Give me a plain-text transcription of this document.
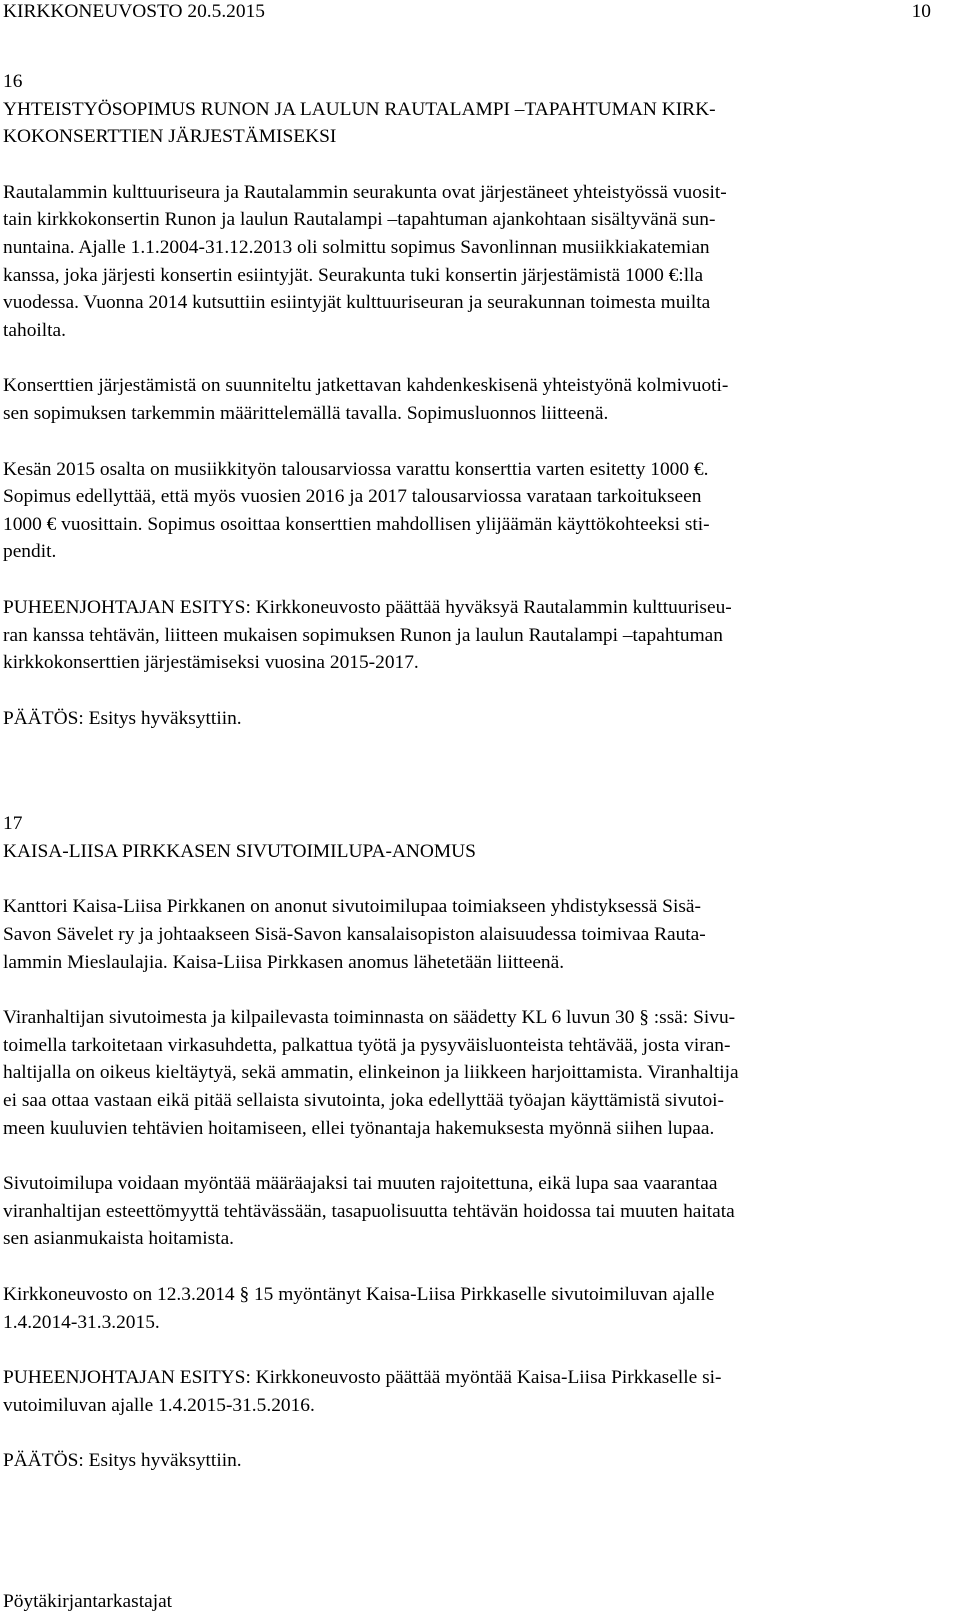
KIRKKONEUVOSTO 20.5.2015	10

16

YHTEISTYÖSOPIMUS RUNON JA LAULUN RAUTALAMPI –TAPAHTUMAN KIRK-

KOKONSERTTIEN JÄRJESTÄMISEKSI

Rautalammin kulttuuriseura ja Rautalammin seurakunta ovat järjestäneet yhteistyössä vuosit-

tain kirkkokonsertin Runon ja laulun Rautalampi –tapahtuman ajankohtaan sisältyvänä sun-

nuntaina. Ajalle 1.1.2004-31.12.2013 oli solmittu sopimus Savonlinnan musiikkiakatemian

kanssa, joka järjesti konsertin esiintyjät. Seurakunta tuki konsertin järjestämistä 1000 €:lla

vuodessa. Vuonna 2014 kutsuttiin esiintyjät kulttuuriseuran ja seurakunnan toimesta muilta

tahoilta.

Konserttien järjestämistä on suunniteltu jatkettavan kahdenkeskisenä yhteistyönä kolmivuoti-

sen sopimuksen tarkemmin määrittelemällä tavalla. Sopimusluonnos liitteenä.

Kesän 2015 osalta on musiikkityön talousarviossa varattu konserttia varten esitetty 1000 €.

Sopimus edellyttää, että myös vuosien 2016 ja 2017 talousarviossa varataan tarkoitukseen

1000 € vuosittain. Sopimus osoittaa konserttien mahdollisen ylijäämän käyttökohteeksi sti-

pendit.

PUHEENJOHTAJAN ESITYS: Kirkkoneuvosto päättää hyväksyä Rautalammin kulttuuriseu-

ran kanssa tehtävän, liitteen mukaisen sopimuksen Runon ja laulun Rautalampi –tapahtuman

kirkkokonserttien järjestämiseksi vuosina 2015-2017.

PÄÄTÖS: Esitys hyväksyttiin.

17

KAISA-LIISA PIRKKASEN SIVUTOIMILUPA-ANOMUS

Kanttori Kaisa-Liisa Pirkkanen on anonut sivutoimilupaa toimiakseen yhdistyksessä Sisä-

Savon Sävelet ry ja johtaakseen Sisä-Savon kansalaisopiston alaisuudessa toimivaa Rauta-

lammin Mieslaulajia. Kaisa-Liisa Pirkkasen anomus lähetetään liitteenä.

Viranhaltijan sivutoimesta ja kilpailevasta toiminnasta on säädetty KL 6 luvun 30 § :ssä: Sivu-

toimella tarkoitetaan virkasuhdetta, palkattua työtä ja pysyväisluonteista tehtävää, josta viran-

haltijalla on oikeus kieltäytyä, sekä ammatin, elinkeinon ja liikkeen harjoittamista. Viranhaltija

ei saa ottaa vastaan eikä pitää sellaista sivutointa, joka edellyttää työajan käyttämistä sivutoi-

meen kuuluvien tehtävien hoitamiseen, ellei työnantaja hakemuksesta myönnä siihen lupaa.

Sivutoimilupa voidaan myöntää määräajaksi tai muuten rajoitettuna, eikä lupa saa vaarantaa

viranhaltijan esteettömyyttä tehtävässään, tasapuolisuutta tehtävän hoidossa tai muuten haitata

sen asianmukaista hoitamista.

Kirkkoneuvosto on 12.3.2014 § 15 myöntänyt Kaisa-Liisa Pirkkaselle sivutoimiluvan ajalle

1.4.2014-31.3.2015.

PUHEENJOHTAJAN ESITYS: Kirkkoneuvosto päättää myöntää Kaisa-Liisa Pirkkaselle si-

vutoimiluvan ajalle 1.4.2015-31.5.2016.

PÄÄTÖS: Esitys hyväksyttiin.

Pöytäkirjantarkastajat
